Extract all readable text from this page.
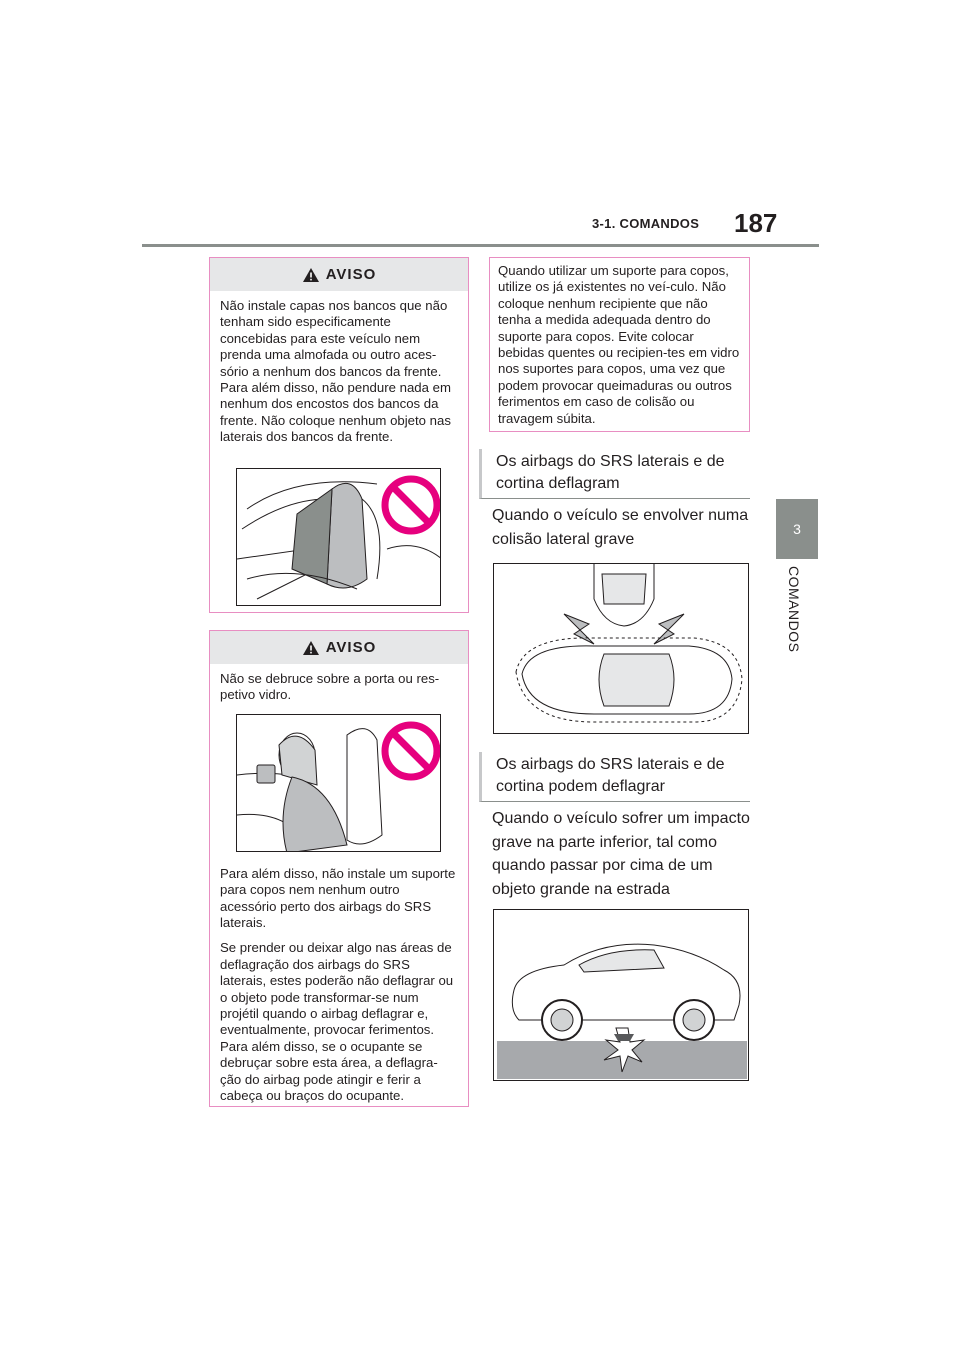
3-1. COMANDOS 187
3
COMANDOS
AVISO
Não instale capas nos bancos que não tenham sido especificamente concebidas para este veículo nem prenda uma almofada ou outro aces-sório a nenhum dos bancos da frente. Para além disso, não pendure nada em nenhum dos encostos dos bancos da frente. Não coloque nenhum objeto nas laterais dos bancos da frente.
AVISO
Não se debruce sobre a porta ou res-petivo vidro.
Para além disso, não instale um suporte para copos nem nenhum outro acessório perto dos airbags do SRS laterais.
Se prender ou deixar algo nas áreas de deflagração dos airbags do SRS laterais, estes poderão não deflagrar ou o objeto pode transformar-se num projétil quando o airbag deflagrar e, eventualmente, provocar ferimentos. Para além disso, se o ocupante se debruçar sobre esta área, a deflagra-ção do airbag pode atingir e ferir a cabeça ou braços do ocupante.
Quando utilizar um suporte para copos, utilize os já existentes no veí-culo. Não coloque nenhum recipiente que não tenha a medida adequada dentro do suporte para copos. Evite colocar bebidas quentes ou recipien-tes em vidro nos suportes para copos, uma vez que podem provocar queimaduras ou outros ferimentos em caso de colisão ou travagem súbita.
Os airbags do SRS laterais e de cortina deflagram
Quando o veículo se envolver numa colisão lateral grave
Os airbags do SRS laterais e de cortina podem deflagrar
Quando o veículo sofrer um impacto grave na parte inferior, tal como quando passar por cima de um objeto grande na estrada
